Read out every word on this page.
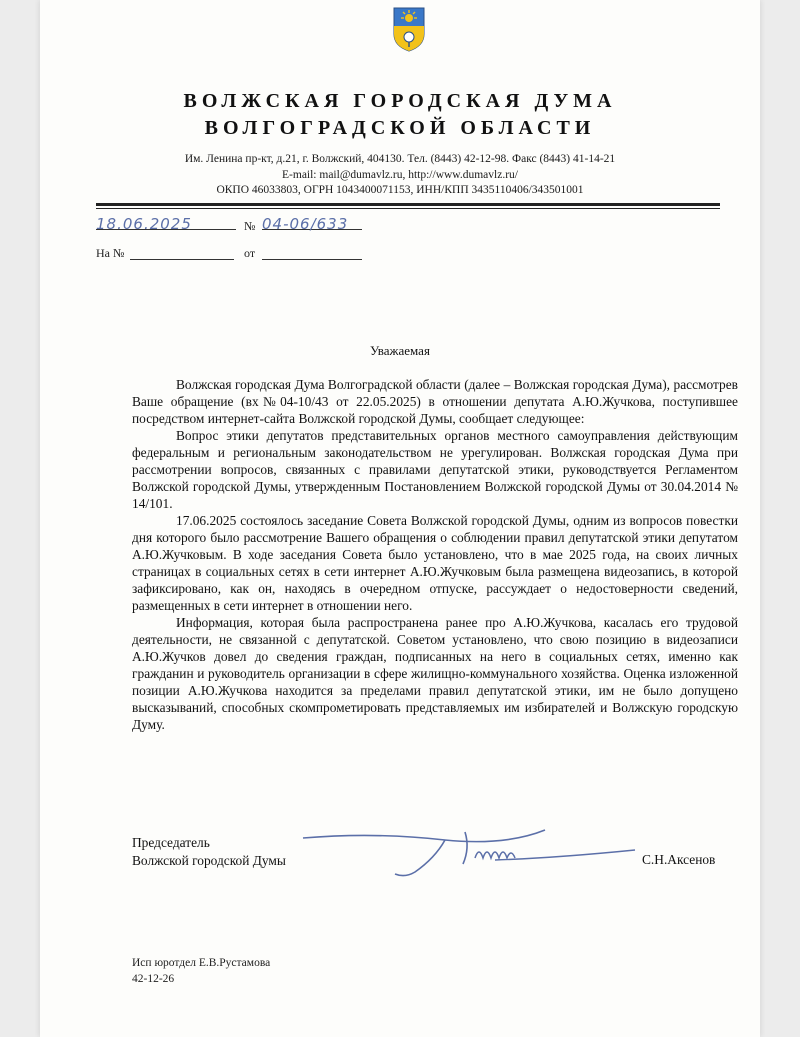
ВОЛЖСКАЯ ГОРОДСКАЯ ДУМА
ВОЛГОГРАДСКОЙ ОБЛАСТИ
Им. Ленина пр-кт, д.21, г. Волжский, 404130. Тел. (8443) 42-12-98. Факс (8443) 41-14-21
E-mail: mail@dumavlz.ru, http://www.dumavlz.ru/
ОКПО 46033803, ОГРН 1043400071153, ИНН/КПП 3435110406/343501001
18.06.2025	№ 04-06/633
На №	от
Уважаемая

Волжская городская Дума Волгоградской области (далее – Волжская городская Дума), рассмотрев Ваше обращение (вх№04-10/43 от 22.05.2025) в отношении депутата А.Ю.Жучкова, поступившее посредством интернет-сайта Волжской городской Думы, сообщает следующее:

Вопрос этики депутатов представительных органов местного самоуправления действующим федеральным и региональным законодательством не урегулирован. Волжская городская Дума при рассмотрении вопросов, связанных с правилами депутатской этики, руководствуется Регламентом Волжской городской Думы, утвержденным Постановлением Волжской городской Думы от 30.04.2014 № 14/101.

17.06.2025 состоялось заседание Совета Волжской городской Думы, одним из вопросов повестки дня которого было рассмотрение Вашего обращения о соблюдении правил депутатской этики депутатом А.Ю.Жучковым. В ходе заседания Совета было установлено, что в мае 2025 года, на своих личных страницах в социальных сетях в сети интернет А.Ю.Жучковым была размещена видеозапись, в которой зафиксировано, как он, находясь в очередном отпуске, рассуждает о недостоверности сведений, размещенных в сети интернет в отношении него.

Информация, которая была распространена ранее про А.Ю.Жучкова, касалась его трудовой деятельности, не связанной с депутатской. Советом установлено, что свою позицию в видеозаписи А.Ю.Жучков довел до сведения граждан, подписанных на него в социальных сетях, именно как гражданин и руководитель организации в сфере жилищно-коммунального хозяйства. Оценка изложенной позиции А.Ю.Жучкова находится за пределами правил депутатской этики, им не было допущено высказываний, способных скомпрометировать представляемых им избирателей и Волжскую городскую Думу.

Председатель
Волжской городской Думы	С.Н.Аксенов
Исп юротдел Е.В.Рустамова
42-12-26
